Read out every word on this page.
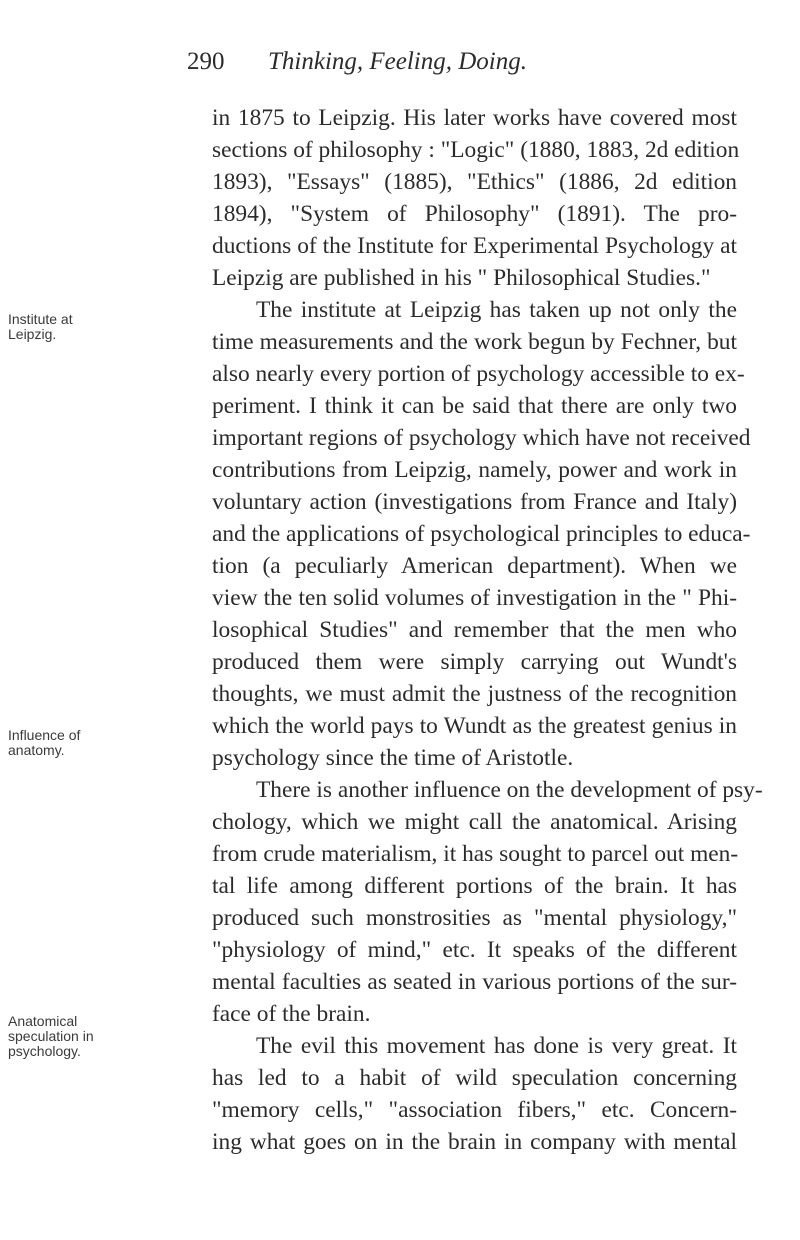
290 Thinking, Feeling, Doing.
Institute at
Leipzig.
Influence of
anatomy.
Anatomical
speculation in
psychology.
in 1875 to Leipzig. His later works have covered most
sections of philosophy : "Logic" (1880, 1883, 2d edition
1893), "Essays" (1885), "Ethics" (1886, 2d edition
1894), "System of Philosophy" (1891). The pro-
ductions of the Institute for Experimental Psychology at
Leipzig are published in his " Philosophical Studies."
The institute at Leipzig has taken up not only the
time measurements and the work begun by Fechner, but
also nearly every portion of psychology accessible to ex-
periment. I think it can be said that there are only two
important regions of psychology which have not received
contributions from Leipzig, namely, power and work in
voluntary action (investigations from France and Italy)
and the applications of psychological principles to educa-
tion (a peculiarly American department). When we
view the ten solid volumes of investigation in the " Phi-
losophical Studies" and remember that the men who
produced them were simply carrying out Wundt's
thoughts, we must admit the justness of the recognition
which the world pays to Wundt as the greatest genius in
psychology since the time of Aristotle.
There is another influence on the development of psy-
chology, which we might call the anatomical. Arising
from crude materialism, it has sought to parcel out men-
tal life among different portions of the brain. It has
produced such monstrosities as "mental physiology,"
"physiology of mind," etc. It speaks of the different
mental faculties as seated in various portions of the sur-
face of the brain.
The evil this movement has done is very great. It
has led to a habit of wild speculation concerning
"memory cells," "association fibers," etc. Concern-
ing what goes on in the brain in company with mental
